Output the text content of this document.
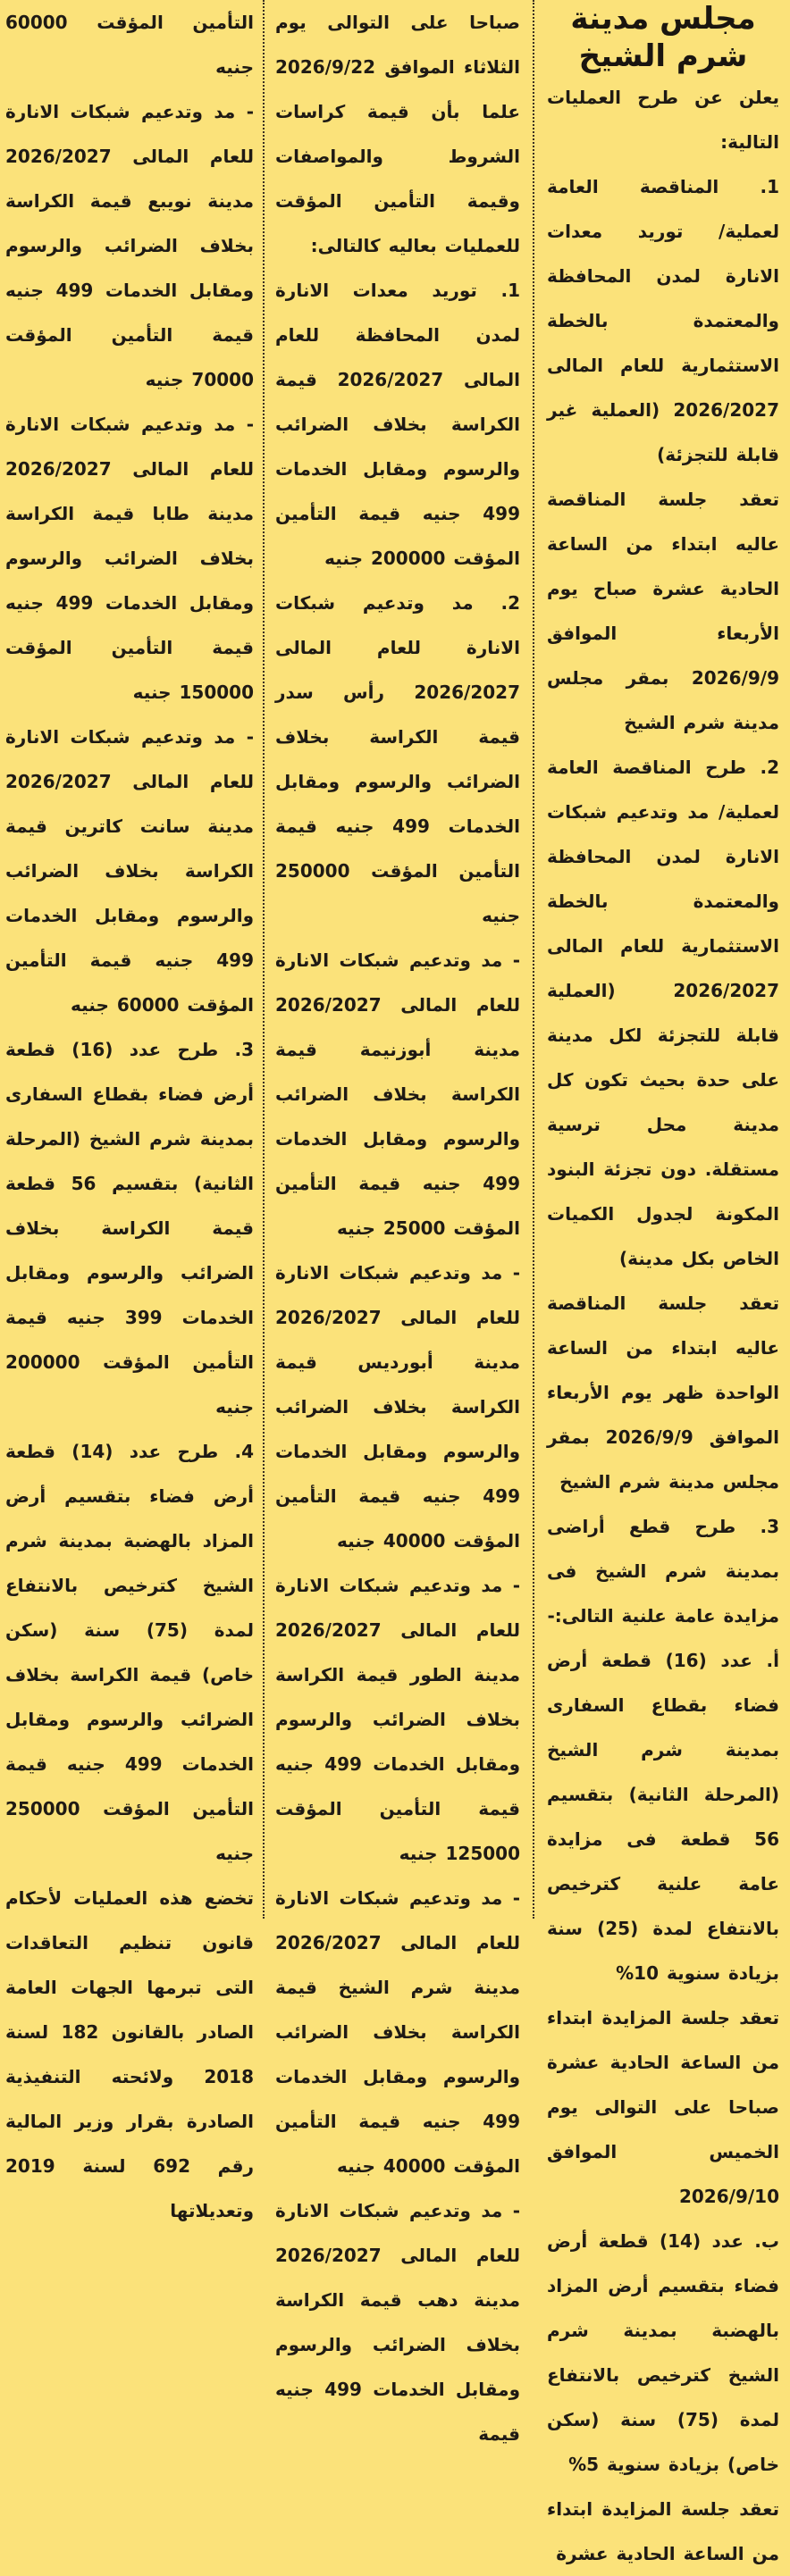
مجلس مدينة
شرم الشيخ

يعلن عن طرح العمليات التالية:

1. المناقصة العامة لعملية/ توريد معدات الانارة لمدن المحافظة والمعتمدة بالخطة الاستثمارية للعام المالى 2026/2027 (العملية غير قابلة للتجزئة)

تعقد جلسة المناقصة عاليه ابتداء من الساعة الحادية عشرة صباح يوم الأربعاء الموافق 2026/9/9 بمقر مجلس مدينة شرم الشيخ

2. طرح المناقصة العامة لعملية/ مد وتدعيم شبكات الانارة لمدن المحافظة والمعتمدة بالخطة الاستثمارية للعام المالى 2026/2027 (العملية قابلة للتجزئة لكل مدينة على حدة بحيث تكون كل مدينة محل ترسية مستقلة. دون تجزئة البنود المكونة لجدول الكميات الخاص بكل مدينة)

تعقد جلسة المناقصة عاليه ابتداء من الساعة الواحدة ظهر يوم الأربعاء الموافق 2026/9/9 بمقر مجلس مدينة شرم الشيخ

3. طرح قطع أراضى بمدينة شرم الشيخ فى مزايدة عامة علنية التالى:-

أ. عدد (16) قطعة أرض فضاء بقطاع السفارى بمدينة شرم الشيخ (المرحلة الثانية) بتقسيم 56 قطعة فى مزايدة عامة علنية كترخيص بالانتفاع لمدة (25) سنة بزيادة سنوية 10%

تعقد جلسة المزايدة ابتداء من الساعة الحادية عشرة صباحا على التوالى يوم الخميس الموافق 2026/9/10

ب. عدد (14) قطعة أرض فضاء بتقسيم أرض المزاد بالهضبة بمدينة شرم الشيخ كترخيص بالانتفاع لمدة (75) سنة (سكن خاص) بزيادة سنوية 5%

تعقد جلسة المزايدة ابتداء من الساعة الحادية عشرة

صباحا على التوالى يوم الثلاثاء الموافق 2026/9/22 علما بأن قيمة كراسات الشروط والمواصفات وقيمة التأمين المؤقت للعمليات بعاليه كالتالى:

1. توريد معدات الانارة لمدن المحافظة للعام المالى 2026/2027 قيمة الكراسة بخلاف الضرائب والرسوم ومقابل الخدمات 499 جنيه قيمة التأمين المؤقت 200000 جنيه

2. مد وتدعيم شبكات الانارة للعام المالى 2026/2027 رأس سدر قيمة الكراسة بخلاف الضرائب والرسوم ومقابل الخدمات 499 جنيه قيمة التأمين المؤقت 250000 جنيه

- مد وتدعيم شبكات الانارة للعام المالى 2026/2027 مدينة أبوزنيمة قيمة الكراسة بخلاف الضرائب والرسوم ومقابل الخدمات 499 جنيه قيمة التأمين المؤقت 25000 جنيه

- مد وتدعيم شبكات الانارة للعام المالى 2026/2027 مدينة أبورديس قيمة الكراسة بخلاف الضرائب والرسوم ومقابل الخدمات 499 جنيه قيمة التأمين المؤقت 40000 جنيه

- مد وتدعيم شبكات الانارة للعام المالى 2026/2027 مدينة الطور قيمة الكراسة بخلاف الضرائب والرسوم ومقابل الخدمات 499 جنيه قيمة التأمين المؤقت 125000 جنيه

- مد وتدعيم شبكات الانارة للعام المالى 2026/2027 مدينة شرم الشيخ قيمة الكراسة بخلاف الضرائب والرسوم ومقابل الخدمات 499 جنيه قيمة التأمين المؤقت 40000 جنيه

- مد وتدعيم شبكات الانارة للعام المالى 2026/2027 مدينة دهب قيمة الكراسة بخلاف الضرائب والرسوم ومقابل الخدمات 499 جنيه قيمة

التأمين المؤقت 60000 جنيه

- مد وتدعيم شبكات الانارة للعام المالى 2026/2027 مدينة نويبع قيمة الكراسة بخلاف الضرائب والرسوم ومقابل الخدمات 499 جنيه قيمة التأمين المؤقت 70000 جنيه

- مد وتدعيم شبكات الانارة للعام المالى 2026/2027 مدينة طابا قيمة الكراسة بخلاف الضرائب والرسوم ومقابل الخدمات 499 جنيه قيمة التأمين المؤقت 150000 جنيه

- مد وتدعيم شبكات الانارة للعام المالى 2026/2027 مدينة سانت كاترين قيمة الكراسة بخلاف الضرائب والرسوم ومقابل الخدمات 499 جنيه قيمة التأمين المؤقت 60000 جنيه

3. طرح عدد (16) قطعة أرض فضاء بقطاع السفارى بمدينة شرم الشيخ (المرحلة الثانية) بتقسيم 56 قطعة قيمة الكراسة بخلاف الضرائب والرسوم ومقابل الخدمات 399 جنيه قيمة التأمين المؤقت 200000 جنيه

4. طرح عدد (14) قطعة أرض فضاء بتقسيم أرض المزاد بالهضبة بمدينة شرم الشيخ كترخيص بالانتفاع لمدة (75) سنة (سكن خاص) قيمة الكراسة بخلاف الضرائب والرسوم ومقابل الخدمات 499 جنيه قيمة التأمين المؤقت 250000 جنيه

تخضع هذه العمليات لأحكام قانون تنظيم التعاقدات التى تبرمها الجهات العامة الصادر بالقانون 182 لسنة 2018 ولائحته التنفيذية الصادرة بقرار وزير المالية رقم 692 لسنة 2019 وتعديلاتها
